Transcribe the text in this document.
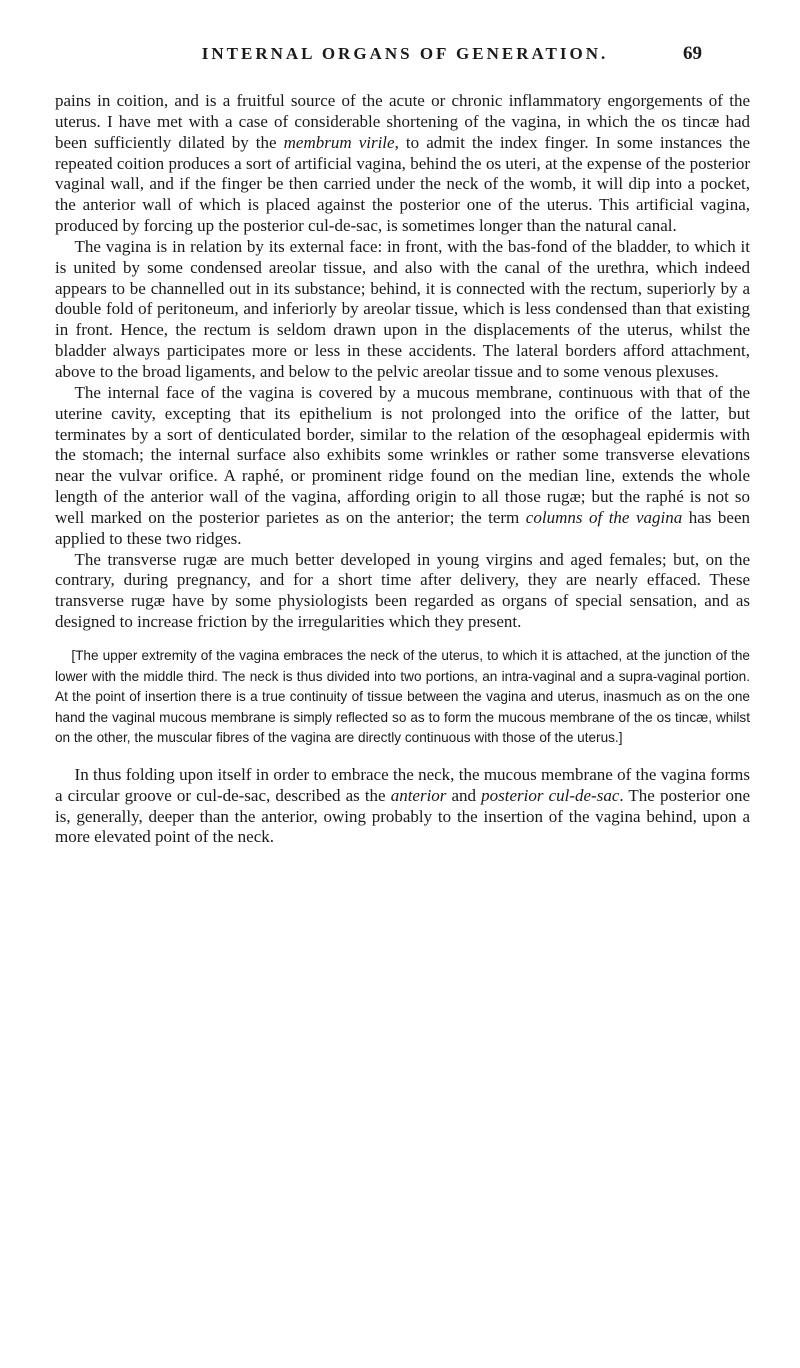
INTERNAL ORGANS OF GENERATION.	69

pains in coition, and is a fruitful source of the acute or chronic inflammatory engorgements of the uterus. I have met with a case of considerable shortening of the vagina, in which the os tincæ had been sufficiently dilated by the membrum virile, to admit the index finger. In some instances the repeated coition produces a sort of artificial vagina, behind the os uteri, at the expense of the posterior vaginal wall, and if the finger be then carried under the neck of the womb, it will dip into a pocket, the anterior wall of which is placed against the posterior one of the uterus. This artificial vagina, produced by forcing up the posterior cul-de-sac, is sometimes longer than the natural canal.

The vagina is in relation by its external face: in front, with the bas-fond of the bladder, to which it is united by some condensed areolar tissue, and also with the canal of the urethra, which indeed appears to be channelled out in its substance; behind, it is connected with the rectum, superiorly by a double fold of peritoneum, and inferiorly by areolar tissue, which is less condensed than that existing in front. Hence, the rectum is seldom drawn upon in the displacements of the uterus, whilst the bladder always participates more or less in these accidents. The lateral borders afford attachment, above to the broad ligaments, and below to the pelvic areolar tissue and to some venous plexuses.

The internal face of the vagina is covered by a mucous membrane, continuous with that of the uterine cavity, excepting that its epithelium is not prolonged into the orifice of the latter, but terminates by a sort of denticulated border, similar to the relation of the œsophageal epidermis with the stomach; the internal surface also exhibits some wrinkles or rather some transverse elevations near the vulvar orifice. A raphé, or prominent ridge found on the median line, extends the whole length of the anterior wall of the vagina, affording origin to all those rugæ; but the raphé is not so well marked on the posterior parietes as on the anterior; the term columns of the vagina has been applied to these two ridges.

The transverse rugæ are much better developed in young virgins and aged females; but, on the contrary, during pregnancy, and for a short time after delivery, they are nearly effaced. These transverse rugæ have by some physiologists been regarded as organs of special sensation, and as designed to increase friction by the irregularities which they present.

[The upper extremity of the vagina embraces the neck of the uterus, to which it is attached, at the junction of the lower with the middle third. The neck is thus divided into two portions, an intra-vaginal and a supra-vaginal portion. At the point of insertion there is a true continuity of tissue between the vagina and uterus, inasmuch as on the one hand the vaginal mucous membrane is simply reflected so as to form the mucous membrane of the os tincæ, whilst on the other, the muscular fibres of the vagina are directly continuous with those of the uterus.]

In thus folding upon itself in order to embrace the neck, the mucous membrane of the vagina forms a circular groove or cul-de-sac, described as the anterior and posterior cul-de-sac. The posterior one is, generally, deeper than the anterior, owing probably to the insertion of the vagina behind, upon a more elevated point of the neck.
